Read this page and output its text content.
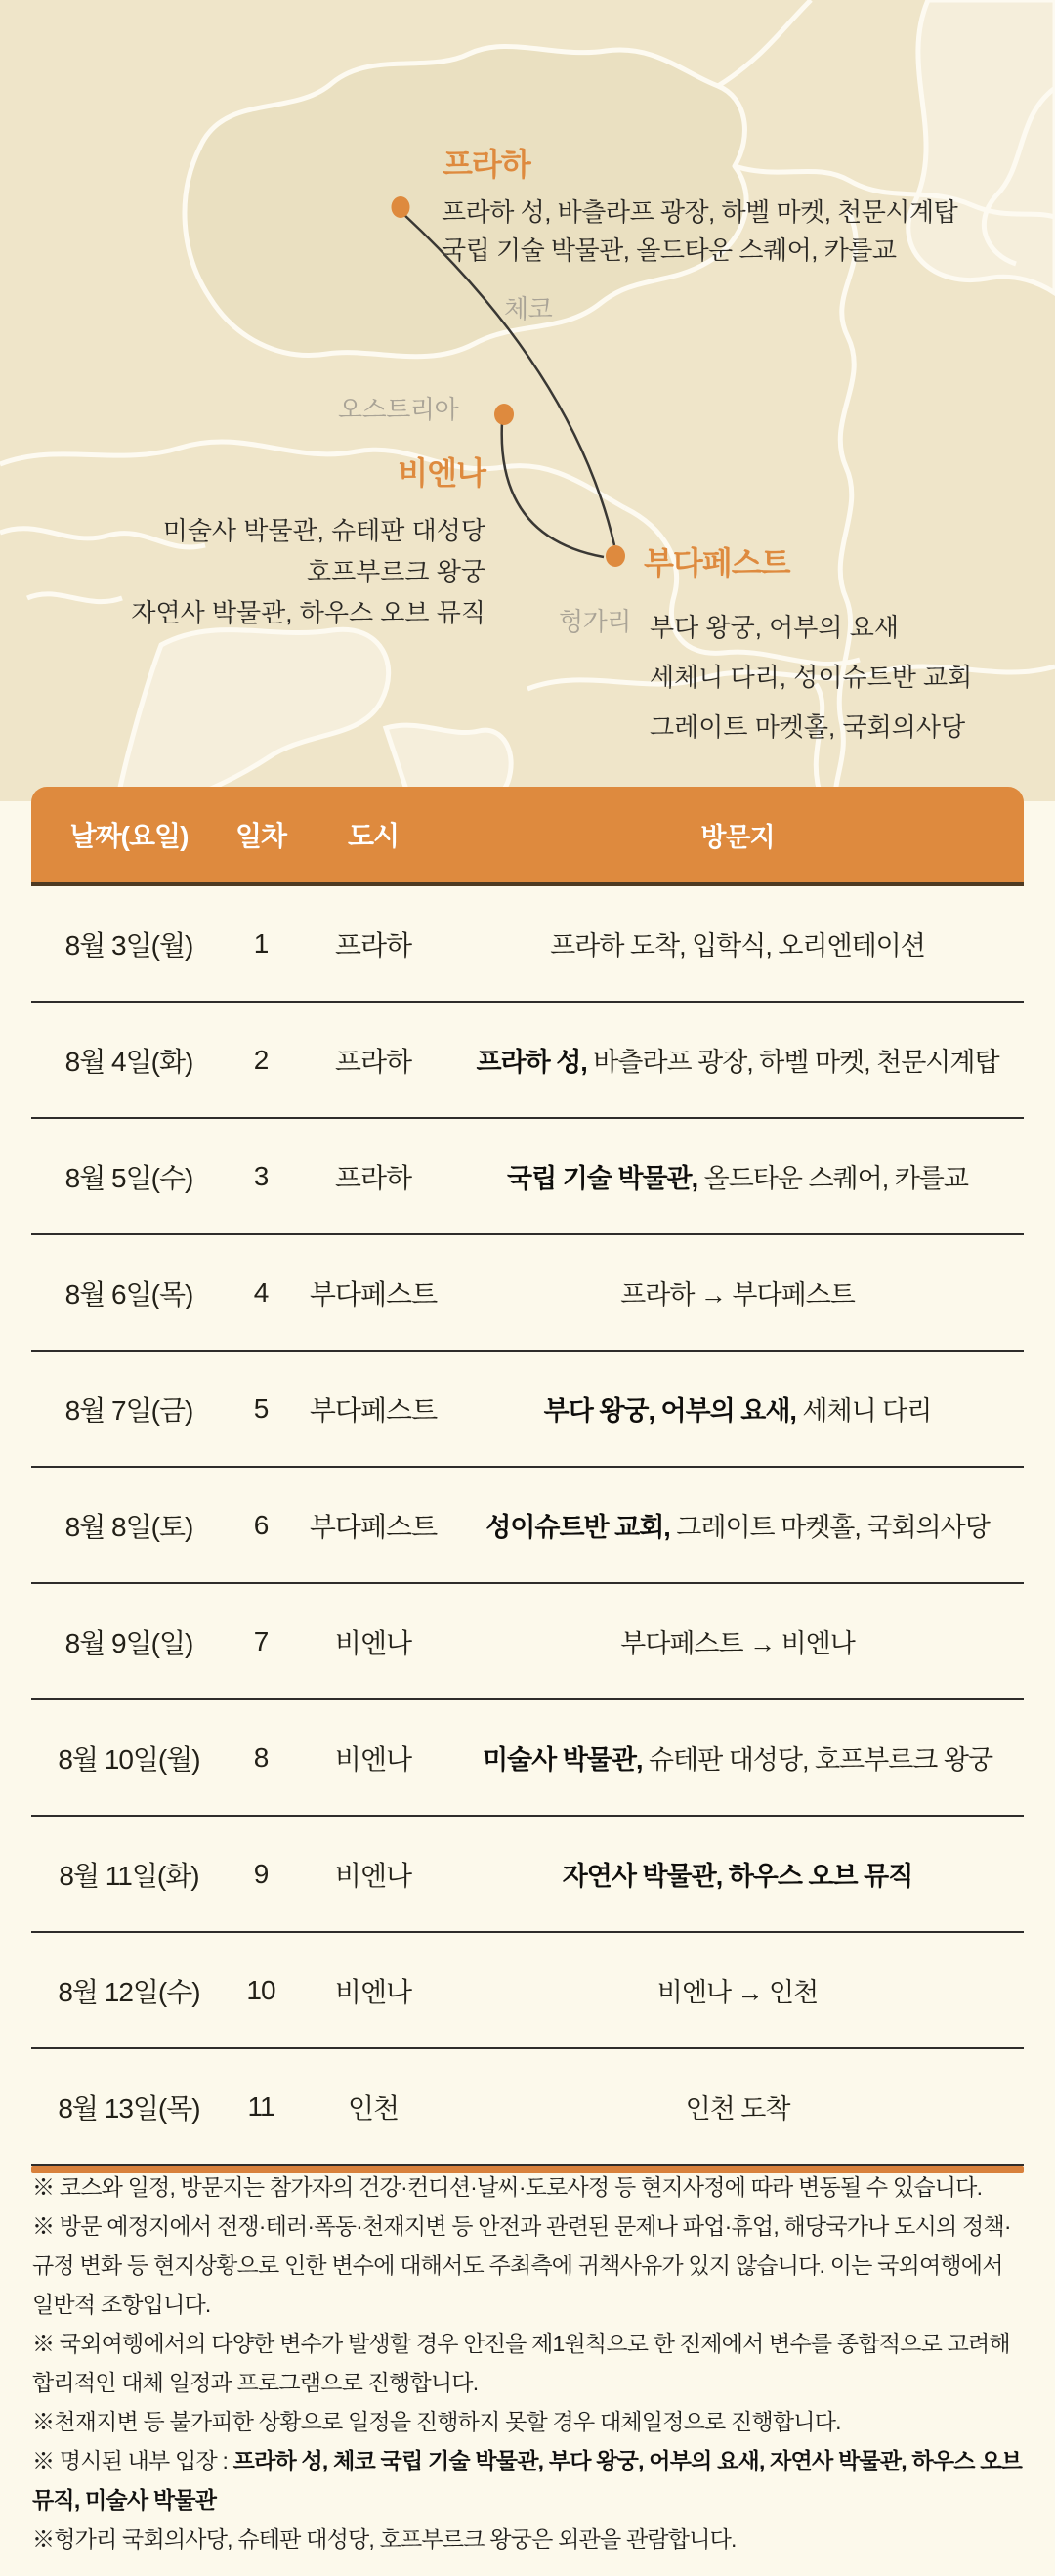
프라하
프라하 성, 바츨라프 광장, 하벨 마켓, 천문시계탑
국립 기술 박물관, 올드타운 스퀘어, 카를교
체코
오스트리아
헝가리
비엔나
미술사 박물관, 슈테판 대성당
호프부르크 왕궁
자연사 박물관, 하우스 오브 뮤직
부다페스트
부다 왕궁, 어부의 요새
세체니 다리, 성이슈트반 교회
그레이트 마켓홀, 국회의사당
날짜(요일)	일차	도시	방문지
8월 3일(월)	1	프라하	프라하 도착, 입학식, 오리엔테이션
8월 4일(화)	2	프라하	프라하 성, 바츨라프 광장, 하벨 마켓, 천문시계탑
8월 5일(수)	3	프라하	국립 기술 박물관, 올드타운 스퀘어, 카를교
8월 6일(목)	4	부다페스트	프라하 → 부다페스트
8월 7일(금)	5	부다페스트	부다 왕궁, 어부의 요새, 세체니 다리
8월 8일(토)	6	부다페스트	성이슈트반 교회, 그레이트 마켓홀, 국회의사당
8월 9일(일)	7	비엔나	부다페스트 → 비엔나
8월 10일(월)	8	비엔나	미술사 박물관, 슈테판 대성당, 호프부르크 왕궁
8월 11일(화)	9	비엔나	자연사 박물관, 하우스 오브 뮤직
8월 12일(수)	10	비엔나	비엔나 → 인천
8월 13일(목)	11	인천	인천 도착

※ 코스와 일정, 방문지는 참가자의 건강·컨디션·날씨·도로사정 등 현지사정에 따라 변동될 수 있습니다.

※ 방문 예정지에서 전쟁·테러·폭동·천재지변 등 안전과 관련된 문제나 파업·휴업, 해당국가나 도시의 정책·규정 변화 등 현지상황으로 인한 변수에 대해서도 주최측에 귀책사유가 있지 않습니다. 이는 국외여행에서 일반적 조항입니다.

※ 국외여행에서의 다양한 변수가 발생할 경우 안전을 제1원칙으로 한 전제에서 변수를 종합적으로 고려해 합리적인 대체 일정과 프로그램으로 진행합니다.

※천재지변 등 불가피한 상황으로 일정을 진행하지 못할 경우 대체일정으로 진행합니다.

※ 명시된 내부 입장 : 프라하 성, 체코 국립 기술 박물관, 부다 왕궁, 어부의 요새, 자연사 박물관, 하우스 오브 뮤직, 미술사 박물관

※헝가리 국회의사당, 슈테판 대성당, 호프부르크 왕궁은 외관을 관람합니다.
